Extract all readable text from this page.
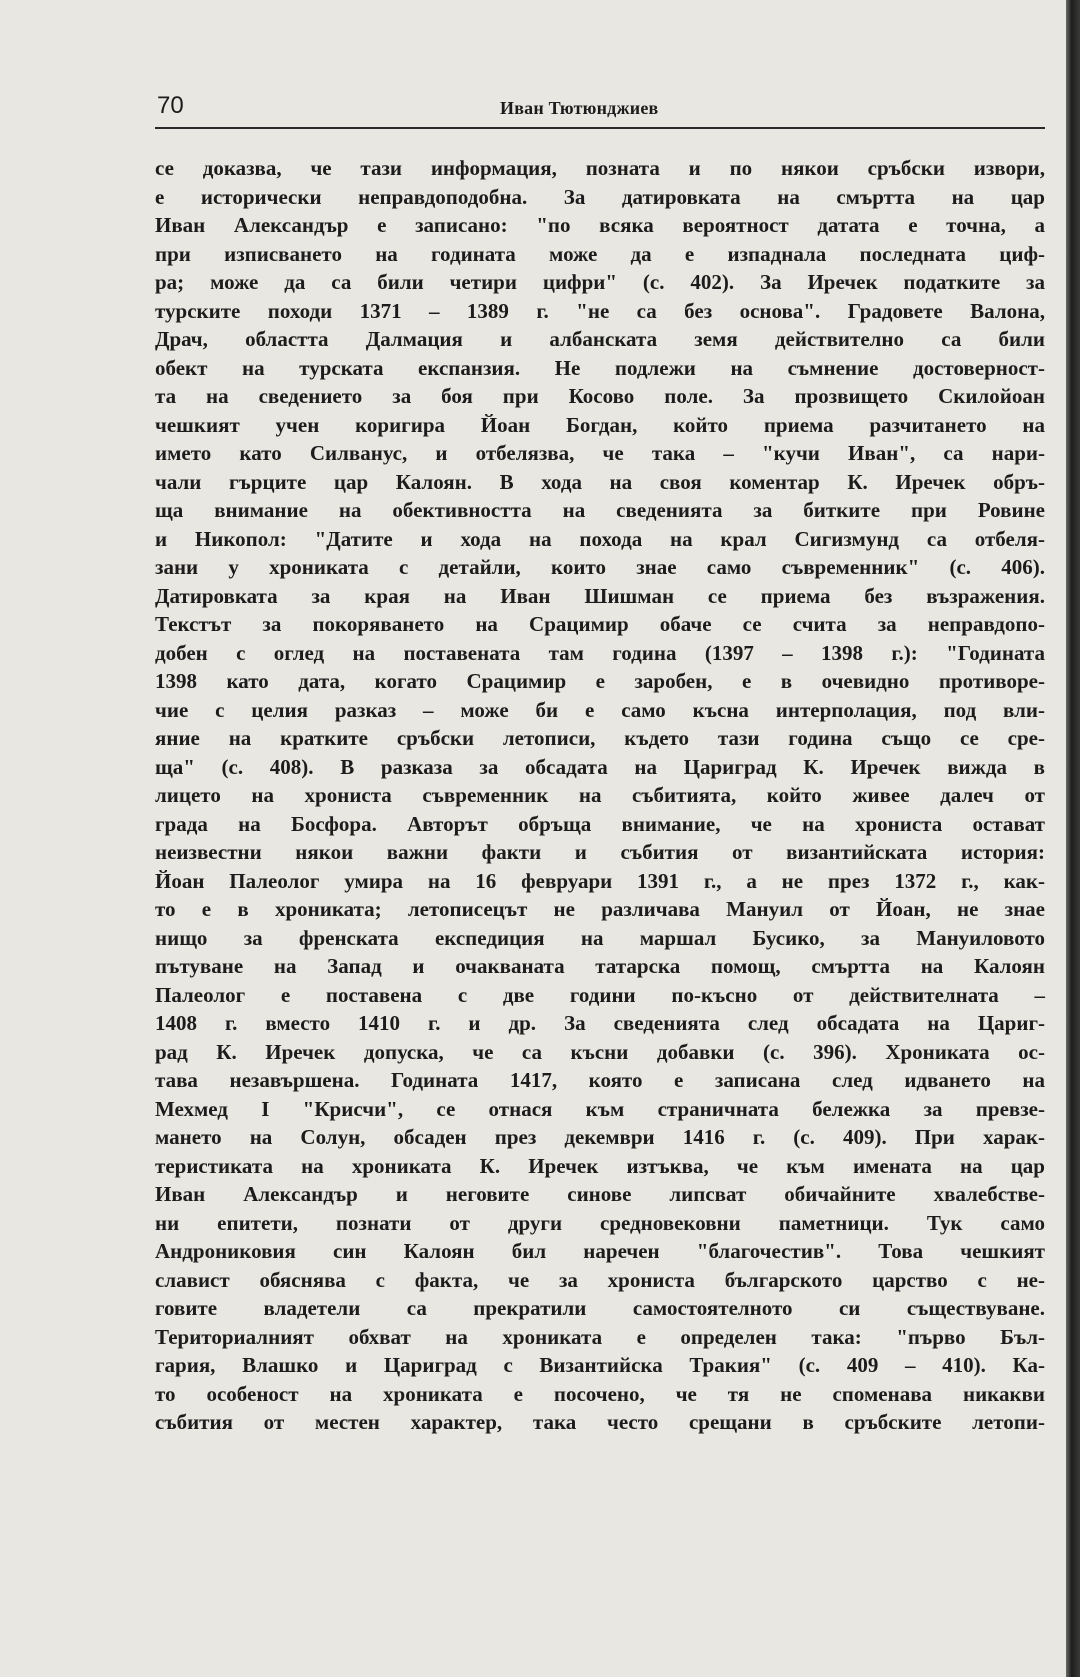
70	Иван Тютюнджиев
се доказва, че тази информация, позната и по някои сръбски извори,
е исторически неправдоподобна. За датировката на смъртта на цар
Иван Александър е записано: "по всяка вероятност датата е точна, а
при изписването на годината може да е изпаднала последната циф-
ра; може да са били четири цифри" (с. 402). За Иречек податките за
турските походи 1371 – 1389 г. "не са без основа". Градовете Валона,
Драч, областта Далмация и албанската земя действително са били
обект на турската експанзия. Не подлежи на съмнение достоверност-
та на сведението за боя при Косово поле. За прозвището Скилойоан
чешкият учен коригира Йоан Богдан, който приема разчитането на
името като Силванус, и отбелязва, че така – "кучи Иван", са нари-
чали гърците цар Калоян. В хода на своя коментар К. Иречек обръ-
ща внимание на обективността на сведенията за битките при Ровине
и Никопол: "Датите и хода на похода на крал Сигизмунд са отбеля-
зани у хрониката с детайли, които знае само съвременник" (с. 406).
Датировката за края на Иван Шишман се приема без възражения.
Текстът за покоряването на Срацимир обаче се счита за неправдопо-
добен с оглед на поставената там година (1397 – 1398 г.): "Годината
1398 като дата, когато Срацимир е заробен, е в очевидно противоре-
чие с целия разказ – може би е само късна интерполация, под вли-
яние на кратките сръбски летописи, където тази година също се сре-
ща" (с. 408). В разказа за обсадата на Цариград К. Иречек вижда в
лицето на хрониста съвременник на събитията, който живее далеч от
града на Босфора. Авторът обръща внимание, че на хрониста остават
неизвестни някои важни факти и събития от византийската история:
Йоан Палеолог умира на 16 февруари 1391 г., а не през 1372 г., как-
то е в хрониката; летописецът не различава Мануил от Йоан, не знае
нищо за френската експедиция на маршал Бусико, за Мануиловото
пътуване на Запад и очакваната татарска помощ, смъртта на Калоян
Палеолог е поставена с две години по-късно от действителната –
1408 г. вместо 1410 г. и др. За сведенията след обсадата на Цариг-
рад К. Иречек допуска, че са късни добавки (с. 396). Хрониката ос-
тава незавършена. Годината 1417, която е записана след идването на
Мехмед I "Крисчи", се отнася към страничната бележка за превзе-
мането на Солун, обсаден през декември 1416 г. (с. 409). При харак-
теристиката на хрониката К. Иречек изтъква, че към имената на цар
Иван Александър и неговите синове липсват обичайните хвалебстве-
ни епитети, познати от други средновековни паметници. Тук само
Андрониковия син Калоян бил наречен "благочестив". Това чешкият
славист обяснява с факта, че за хрониста българското царство с не-
говите владетели са прекратили самостоятелното си съществуване.
Териториалният обхват на хрониката е определен така: "първо Бъл-
гария, Влашко и Цариград с Византийска Тракия" (с. 409 – 410). Ка-
то особеност на хрониката е посочено, че тя не споменава никакви
събития от местен характер, така често срещани в сръбските летопи-
